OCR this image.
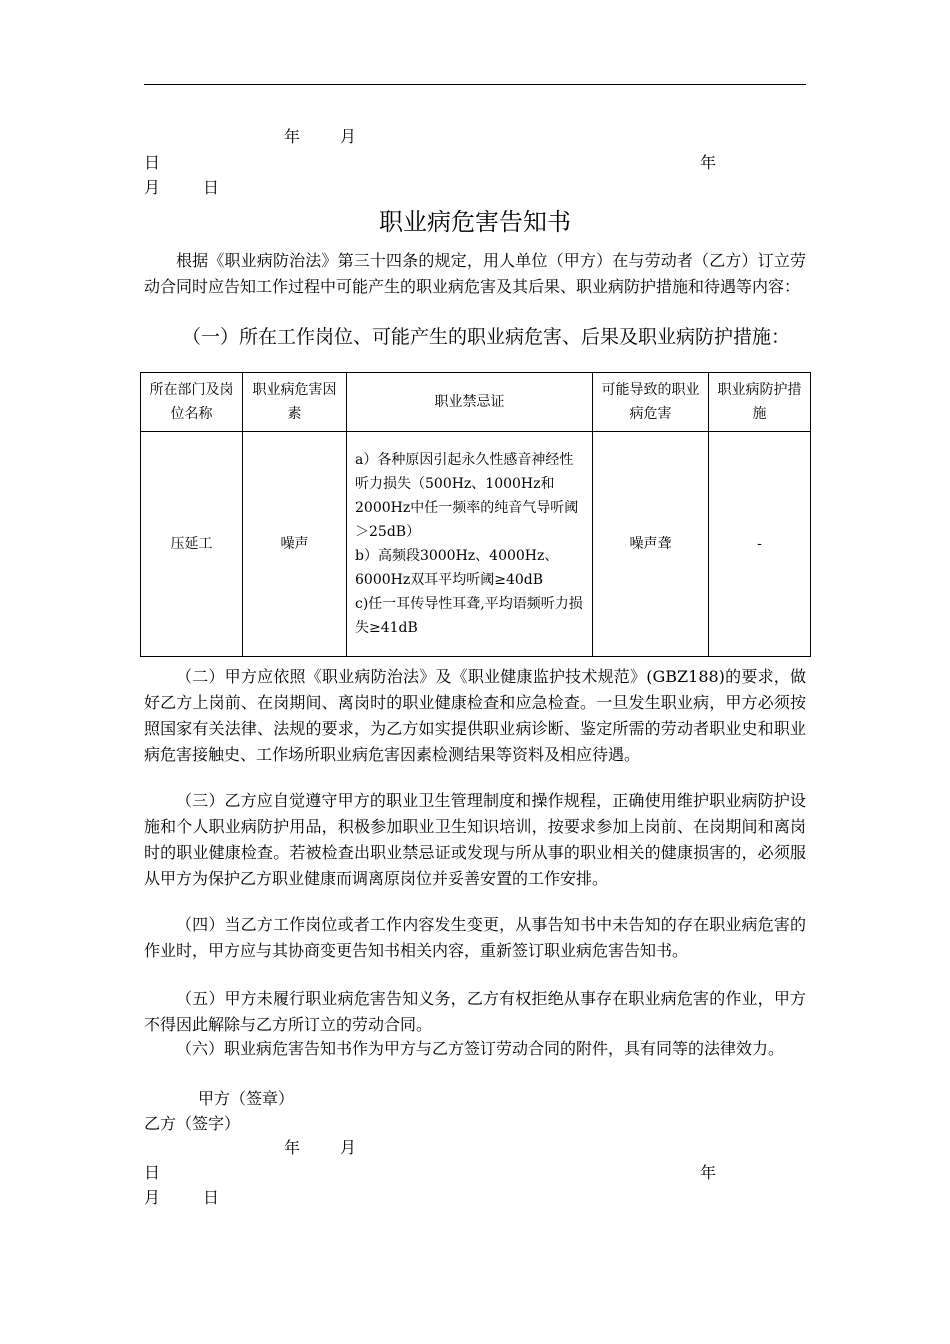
年 月
日	年
月	日
职业病危害告知书

根据《职业病防治法》第三十四条的规定，用人单位（甲方）在与劳动者（乙方）订立劳动合同时应告知工作过程中可能产生的职业病危害及其后果、职业病防护措施和待遇等内容：

（一）所在工作岗位、可能产生的职业病危害、后果及职业病防护措施：

所在部门及岗位名称	职业病危害因素	职业禁忌证	可能导致的职业病危害	职业病防护措施
压延工	噪声	a）各种原因引起永久性感音神经性听力损失（500Hz、1000Hz和2000Hz中任一频率的纯音气导听阈＞25dB）
b）高频段3000Hz、4000Hz、6000Hz双耳平均听阈≥40dB
c)任一耳传导性耳聋,平均语频听力损失≥41dB	噪声聋	-

（二）甲方应依照《职业病防治法》及《职业健康监护技术规范》(GBZ188)的要求，做好乙方上岗前、在岗期间、离岗时的职业健康检查和应急检查。一旦发生职业病，甲方必须按照国家有关法律、法规的要求，为乙方如实提供职业病诊断、鉴定所需的劳动者职业史和职业病危害接触史、工作场所职业病危害因素检测结果等资料及相应待遇。

（三）乙方应自觉遵守甲方的职业卫生管理制度和操作规程，正确使用维护职业病防护设施和个人职业病防护用品，积极参加职业卫生知识培训，按要求参加上岗前、在岗期间和离岗时的职业健康检查。若被检查出职业禁忌证或发现与所从事的职业相关的健康损害的，必须服从甲方为保护乙方职业健康而调离原岗位并妥善安置的工作安排。

（四）当乙方工作岗位或者工作内容发生变更，从事告知书中未告知的存在职业病危害的作业时，甲方应与其协商变更告知书相关内容，重新签订职业病危害告知书。

（五）甲方未履行职业病危害告知义务，乙方有权拒绝从事存在职业病危害的作业，甲方不得因此解除与乙方所订立的劳动合同。

（六）职业病危害告知书作为甲方与乙方签订劳动合同的附件，具有同等的法律效力。

甲方（签章）
乙方（签字）
年 月
日	年
月	日
